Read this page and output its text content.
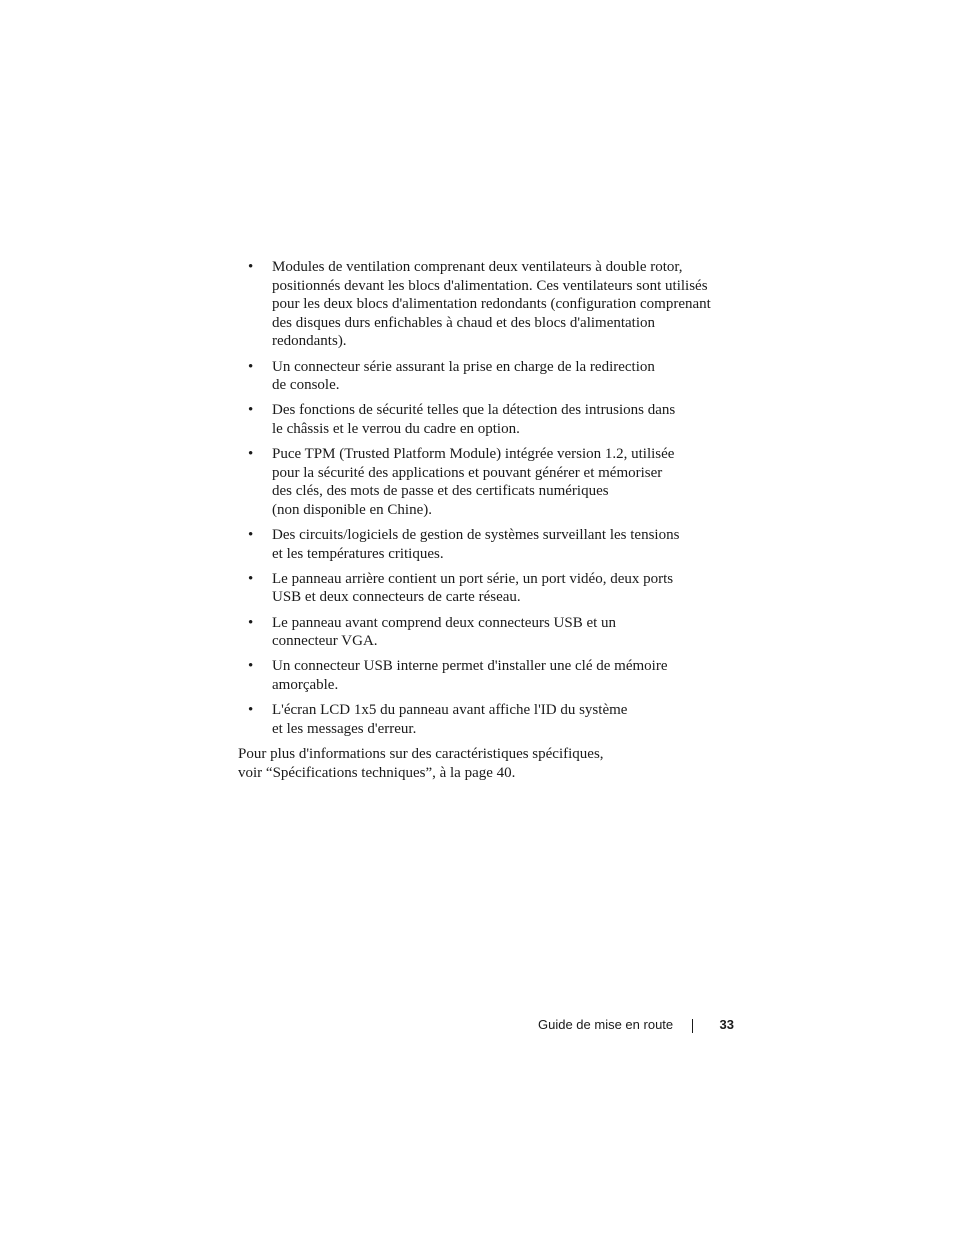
• Modules de ventilation comprenant deux ventilateurs à double rotor,
positionnés devant les blocs d'alimentation. Ces ventilateurs sont utilisés
pour les deux blocs d'alimentation redondants (configuration comprenant
des disques durs enfichables à chaud et des blocs d'alimentation
redondants).
• Un connecteur série assurant la prise en charge de la redirection
de console.
• Des fonctions de sécurité telles que la détection des intrusions dans
le châssis et le verrou du cadre en option.
• Puce TPM (Trusted Platform Module) intégrée version 1.2, utilisée
pour la sécurité des applications et pouvant générer et mémoriser
des clés, des mots de passe et des certificats numériques
(non disponible en Chine).
• Des circuits/logiciels de gestion de systèmes surveillant les tensions
et les températures critiques.
• Le panneau arrière contient un port série, un port vidéo, deux ports
USB et deux connecteurs de carte réseau.
• Le panneau avant comprend deux connecteurs USB et un
connecteur VGA.
• Un connecteur USB interne permet d'installer une clé de mémoire
amorçable.
• L'écran LCD 1x5 du panneau avant affiche l'ID du système
et les messages d'erreur.

Pour plus d'informations sur des caractéristiques spécifiques,
voir “Spécifications techniques”, à la page 40.

Guide de mise en route	33
